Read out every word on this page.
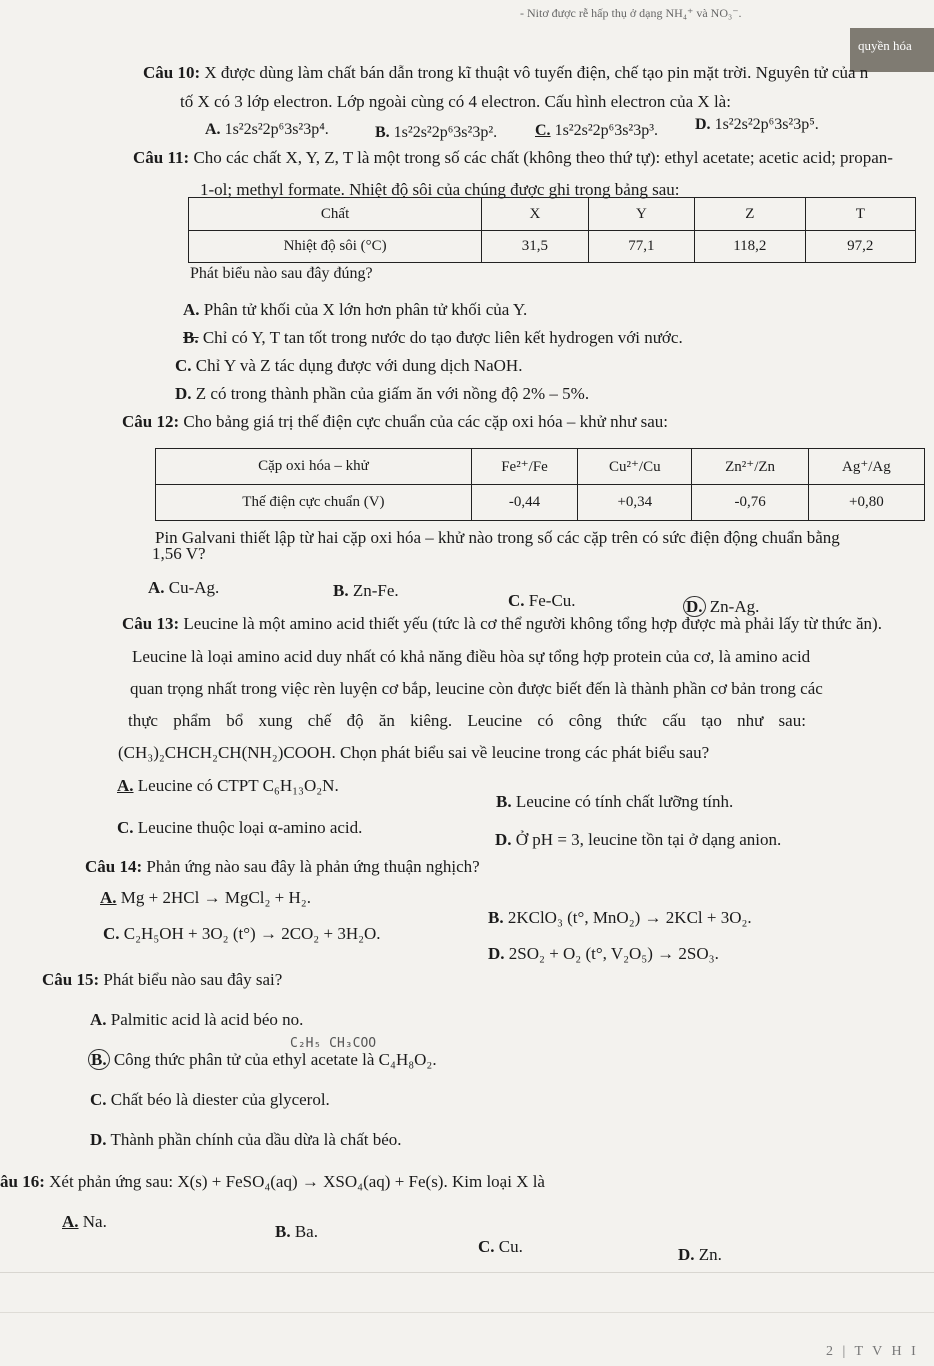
- Nitơ được rễ hấp thụ ở dạng NH₄⁺ và NO₃⁻.
quyền hóa
Câu 10: X được dùng làm chất bán dẫn trong kĩ thuật vô tuyến điện, chế tạo pin mặt trời. Nguyên tử của n
tố X có 3 lớp electron. Lớp ngoài cùng có 4 electron. Cấu hình electron của X là:
A. 1s²2s²2p⁶3s²3p⁴.	B. 1s²2s²2p⁶3s²3p². C. 1s²2s²2p⁶3s²3p³. D. 1s²2s²2p⁶3s²3p⁵.
Câu 11: Cho các chất X, Y, Z, T là một trong số các chất (không theo thứ tự): ethyl acetate; acetic acid; propan-
1-ol; methyl formate. Nhiệt độ sôi của chúng được ghi trong bảng sau:
Chất	X	Y	Z	T
Nhiệt độ sôi (°C)	31,5	77,1	118,2	97,2
Phát biểu nào sau đây đúng?
A. Phân tử khối của X lớn hơn phân tử khối của Y.
B. Chỉ có Y, T tan tốt trong nước do tạo được liên kết hydrogen với nước.
C. Chỉ Y và Z tác dụng được với dung dịch NaOH.
D. Z có trong thành phần của giấm ăn với nồng độ 2% – 5%.
Câu 12: Cho bảng giá trị thế điện cực chuẩn của các cặp oxi hóa – khử như sau:
Cặp oxi hóa – khử	Fe²⁺/Fe	Cu²⁺/Cu	Zn²⁺/Zn	Ag⁺/Ag
Thế điện cực chuẩn (V)	-0,44	+0,34	-0,76	+0,80
Pin Galvani thiết lập từ hai cặp oxi hóa – khử nào trong số các cặp trên có sức điện động chuẩn bằng
1,56 V?
A. Cu-Ag.	B. Zn-Fe.
C. Fe-Cu.	D. Zn-Ag.
Câu 13: Leucine là một amino acid thiết yếu (tức là cơ thể người không tổng hợp được mà phải lấy từ thức ăn).
Leucine là loại amino acid duy nhất có khả năng điều hòa sự tổng hợp protein của cơ, là amino acid
quan trọng nhất trong việc rèn luyện cơ bắp, leucine còn được biết đến là thành phần cơ bản trong các
thực phẩm bổ xung chế độ ăn kiêng. Leucine có công thức cấu tạo như sau:
(CH₃)₂CHCH₂CH(NH₂)COOH. Chọn phát biểu sai về leucine trong các phát biểu sau?
A. Leucine có CTPT C₆H₁₃O₂N.
B. Leucine có tính chất lưỡng tính.
C. Leucine thuộc loại α-amino acid.
D. Ở pH = 3, leucine tồn tại ở dạng anion.
Câu 14: Phản ứng nào sau đây là phản ứng thuận nghịch?
A. Mg + 2HCl → MgCl₂ + H₂.
B. 2KClO₃ (t°, MnO₂) → 2KCl + 3O₂.
C. C₂H₅OH + 3O₂ (t°) → 2CO₂ + 3H₂O.
D. 2SO₂ + O₂ (t°, V₂O₅) → 2SO₃.
Câu 15: Phát biểu nào sau đây sai?
A. Palmitic acid là acid béo no.
C₂H₅ CH₃COO
B. Công thức phân tử của ethyl acetate là C₄H₈O₂.
C. Chất béo là diester của glycerol.
D. Thành phần chính của dầu dừa là chất béo.
âu 16: Xét phản ứng sau: X(s) + FeSO₄(aq) → XSO₄(aq) + Fe(s). Kim loại X là
A. Na.
B. Ba.
C. Cu.	D. Zn.
2 | T V H I
